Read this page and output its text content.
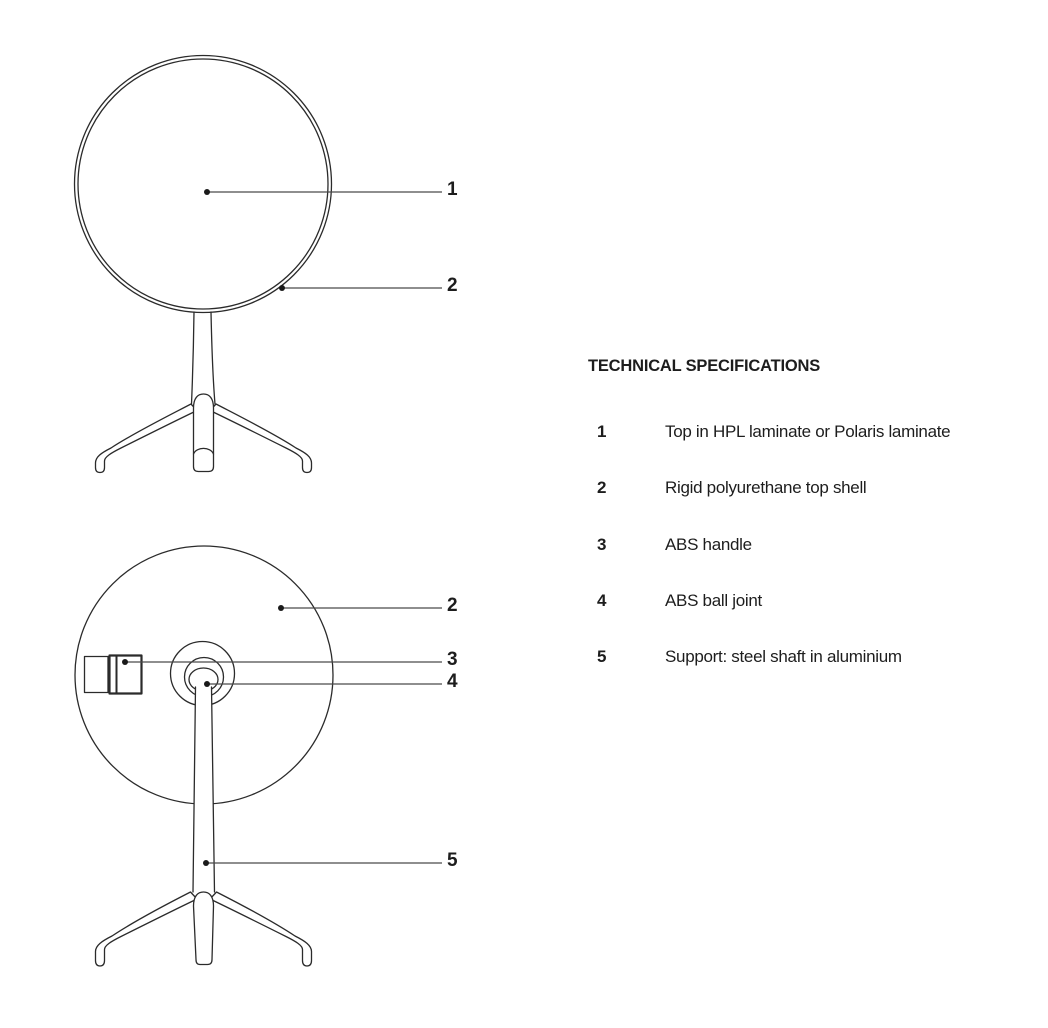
1
2
2
3
4
5
TECHNICAL SPECIFICATIONS
1	Top in HPL laminate or Polaris laminate
2	Rigid polyurethane top shell
3	ABS handle
4	ABS ball joint
5	Support: steel shaft in aluminium
